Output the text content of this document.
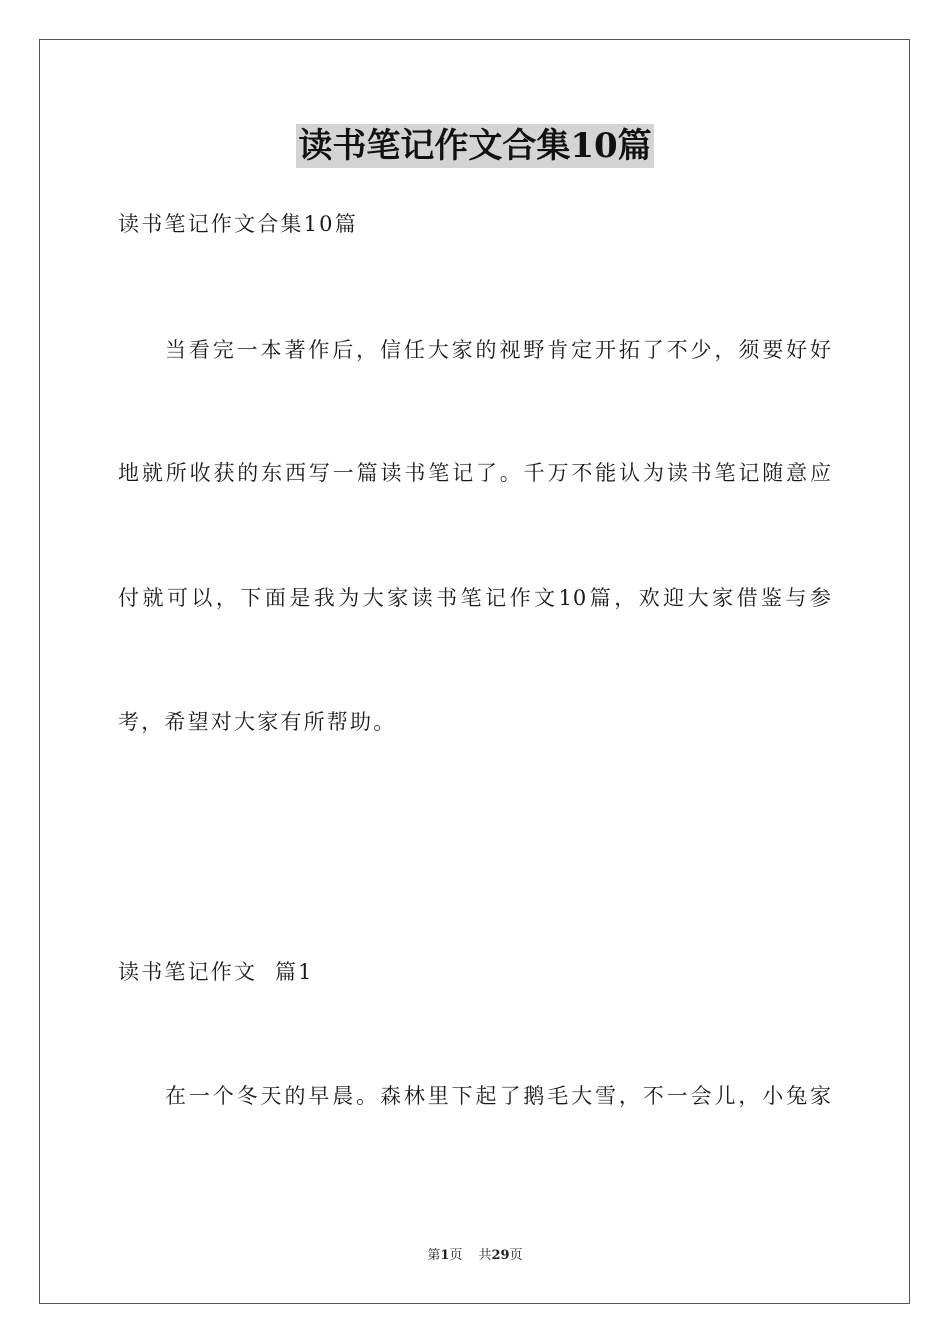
读书笔记作文合集10篇
读书笔记作文合集10篇
当看完一本著作后，信任大家的视野肯定开拓了不少，须要好好
地就所收获的东西写一篇读书笔记了。千万不能认为读书笔记随意应
付就可以，下面是我为大家读书笔记作文10篇，欢迎大家借鉴与参
考，希望对大家有所帮助。
读书笔记作文  篇1
在一个冬天的早晨。森林里下起了鹅毛大雪，不一会儿，小兔家
第1页 共29页
